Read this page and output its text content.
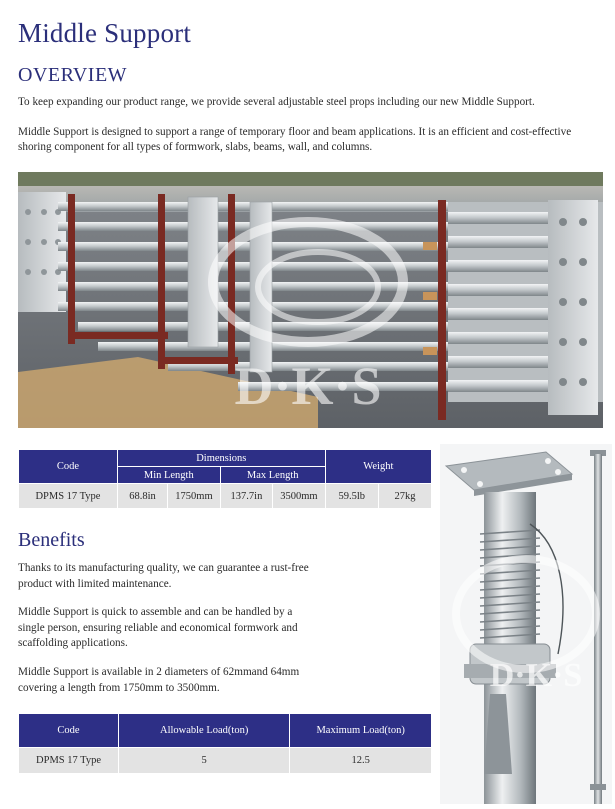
Middle Support
OVERVIEW
To keep expanding our product range, we provide several adjustable steel props including our new Middle Support.
Middle Support is designed to support a range of temporary floor and beam applications. It is an efficient and cost-effective shoring component for all types of formwork, slabs, beams, wall, and columns.
D·K·S
Code	Dimensions				Weight	
	Min Length		Max Length			
DPMS 17 Type	68.8in	1750mm	137.7in	3500mm	59.5lb	27kg
Benefits
Thanks to its manufacturing quality, we can guarantee a rust-free product with limited maintenance.
Middle Support is quick to assemble and can be handled by a single person, ensuring reliable and economical formwork and scaffolding applications.
Middle Support is available in 2 diameters of 62mmand 64mm covering a length from 1750mm to 3500mm.
Code	Allowable Load(ton)	Maximum Load(ton)
DPMS 17 Type	5	12.5
D·K·S
